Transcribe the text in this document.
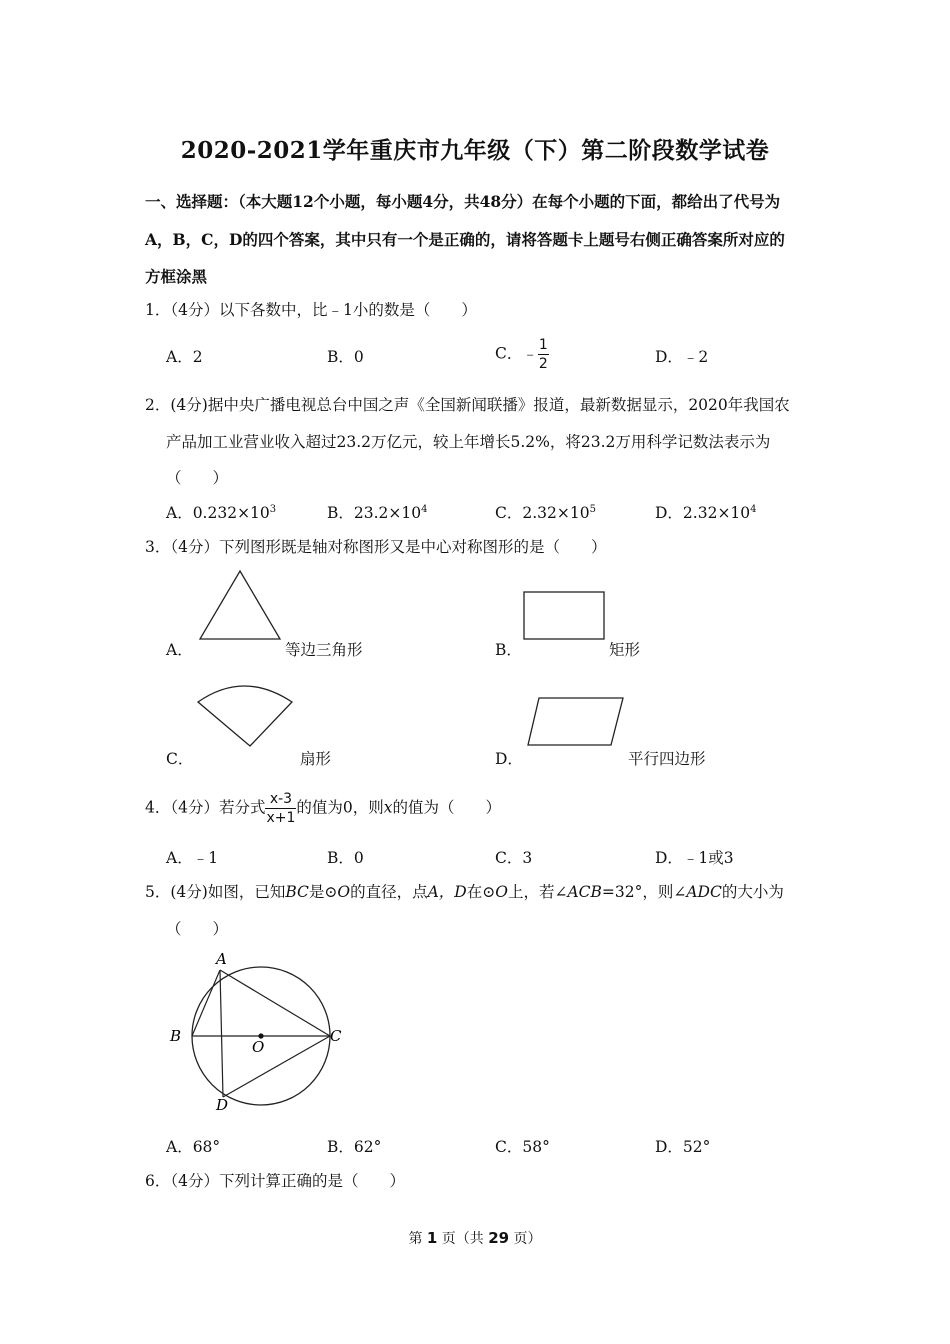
2020-2021学年重庆市九年级（下）第二阶段数学试卷
一、选择题：（本大题12个小题，每小题4分，共48分）在每个小题的下面，都给出了代号为
A，B，C，D的四个答案，其中只有一个是正确的，请将答题卡上题号右侧正确答案所对应的
方框涂黑
1．（4分）以下各数中，比﹣1小的数是（　　）
A．2	B．0	C．﹣ $\frac{1}{2}$	D．﹣2
2．(4分)据中央广播电视总台中国之声《全国新闻联播》报道，最新数据显示，2020年我国农
产品加工业营业收入超过23.2万亿元，较上年增长5.2%，将23.2万用科学记数法表示为
（　　）
A．$0.232\times 10^3$	B．$23.2\times 10^4$	C．$2.32\times 10^5$	D．$2.32\times 10^4$
3．（4分）下列图形既是轴对称图形又是中心对称图形的是（　　）
A．	等边三角形	B．	矩形
C．	扇形	D．	平行四边形
4．（4分）若分式 $\frac{x-3}{x+1}$ 的值为0，则x的值为（　　）
A．﹣1	B．0	C．3	D．﹣1或3
5．(4分)如图，已知BC是⊙O的直径，点A，D在⊙O上，若∠ACB=32°，则∠ADC的大小为
（　　）
A
B	C
D
O
A．68°	B．62°	C．58°	D．52°
6．（4分）下列计算正确的是（　　）
第 1 页（共 29 页）
